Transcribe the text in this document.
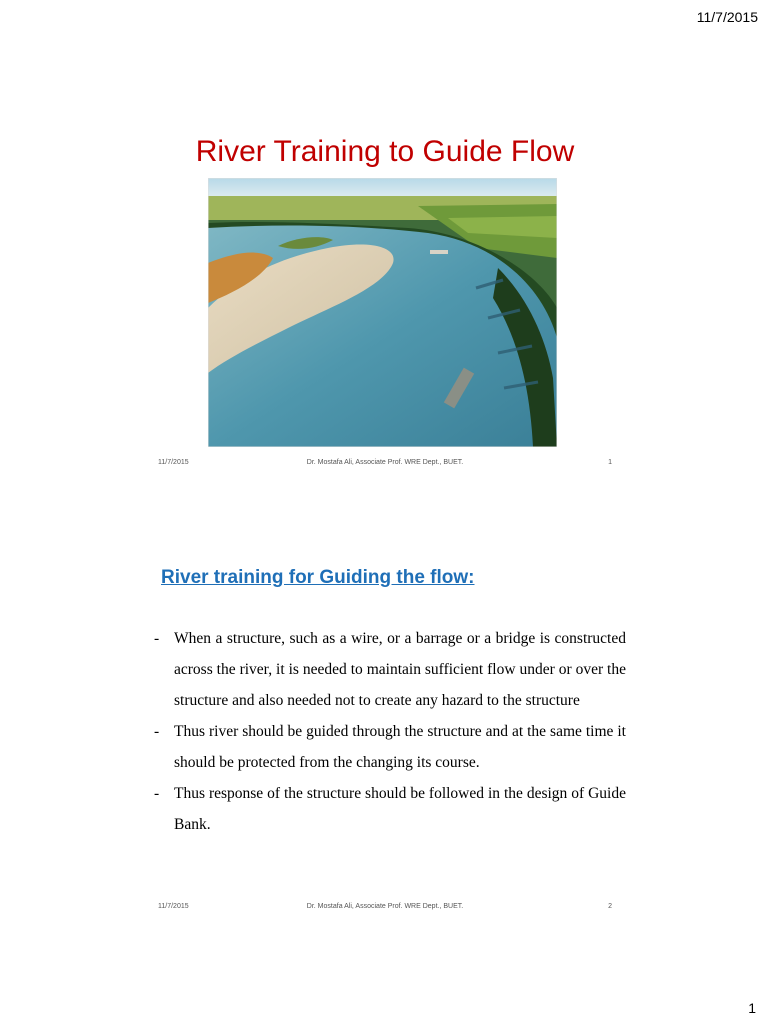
11/7/2015
River Training to Guide Flow
11/7/2015	Dr. Mostafa Ali, Associate Prof. WRE Dept., BUET.	1
River training for Guiding the flow:
- When a structure, such as a wire, or a barrage or a bridge is constructed across the river, it is needed to maintain sufficient flow under or over the structure and also needed not to create any hazard to the structure
- Thus river should be guided through the structure and at the same time it should be protected from the changing its course.
- Thus response of the structure should be followed in the design of Guide Bank.
11/7/2015	Dr. Mostafa Ali, Associate Prof. WRE Dept., BUET.	2
1
